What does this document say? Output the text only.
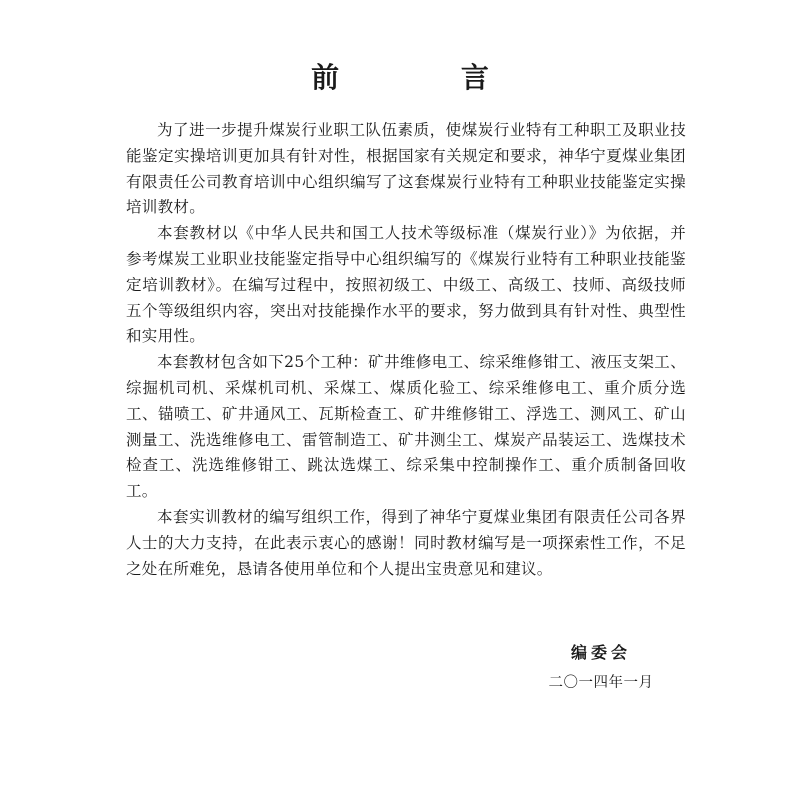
前 言

为了进一步提升煤炭行业职工队伍素质，使煤炭行业特有工种职工及职业技能鉴定实操培训更加具有针对性，根据国家有关规定和要求，神华宁夏煤业集团有限责任公司教育培训中心组织编写了这套煤炭行业特有工种职业技能鉴定实操培训教材。

本套教材以《中华人民共和国工人技术等级标准（煤炭行业）》为依据，并参考煤炭工业职业技能鉴定指导中心组织编写的《煤炭行业特有工种职业技能鉴定培训教材》。在编写过程中，按照初级工、中级工、高级工、技师、高级技师五个等级组织内容，突出对技能操作水平的要求，努力做到具有针对性、典型性和实用性。

本套教材包含如下25个工种：矿井维修电工、综采维修钳工、液压支架工、综掘机司机、采煤机司机、采煤工、煤质化验工、综采维修电工、重介质分选工、锚喷工、矿井通风工、瓦斯检查工、矿井维修钳工、浮选工、测风工、矿山测量工、洗选维修电工、雷管制造工、矿井测尘工、煤炭产品装运工、选煤技术检查工、洗选维修钳工、跳汰选煤工、综采集中控制操作工、重介质制备回收工。

本套实训教材的编写组织工作，得到了神华宁夏煤业集团有限责任公司各界人士的大力支持，在此表示衷心的感谢！同时教材编写是一项探索性工作，不足之处在所难免，恳请各使用单位和个人提出宝贵意见和建议。

编委会
二〇一四年一月
